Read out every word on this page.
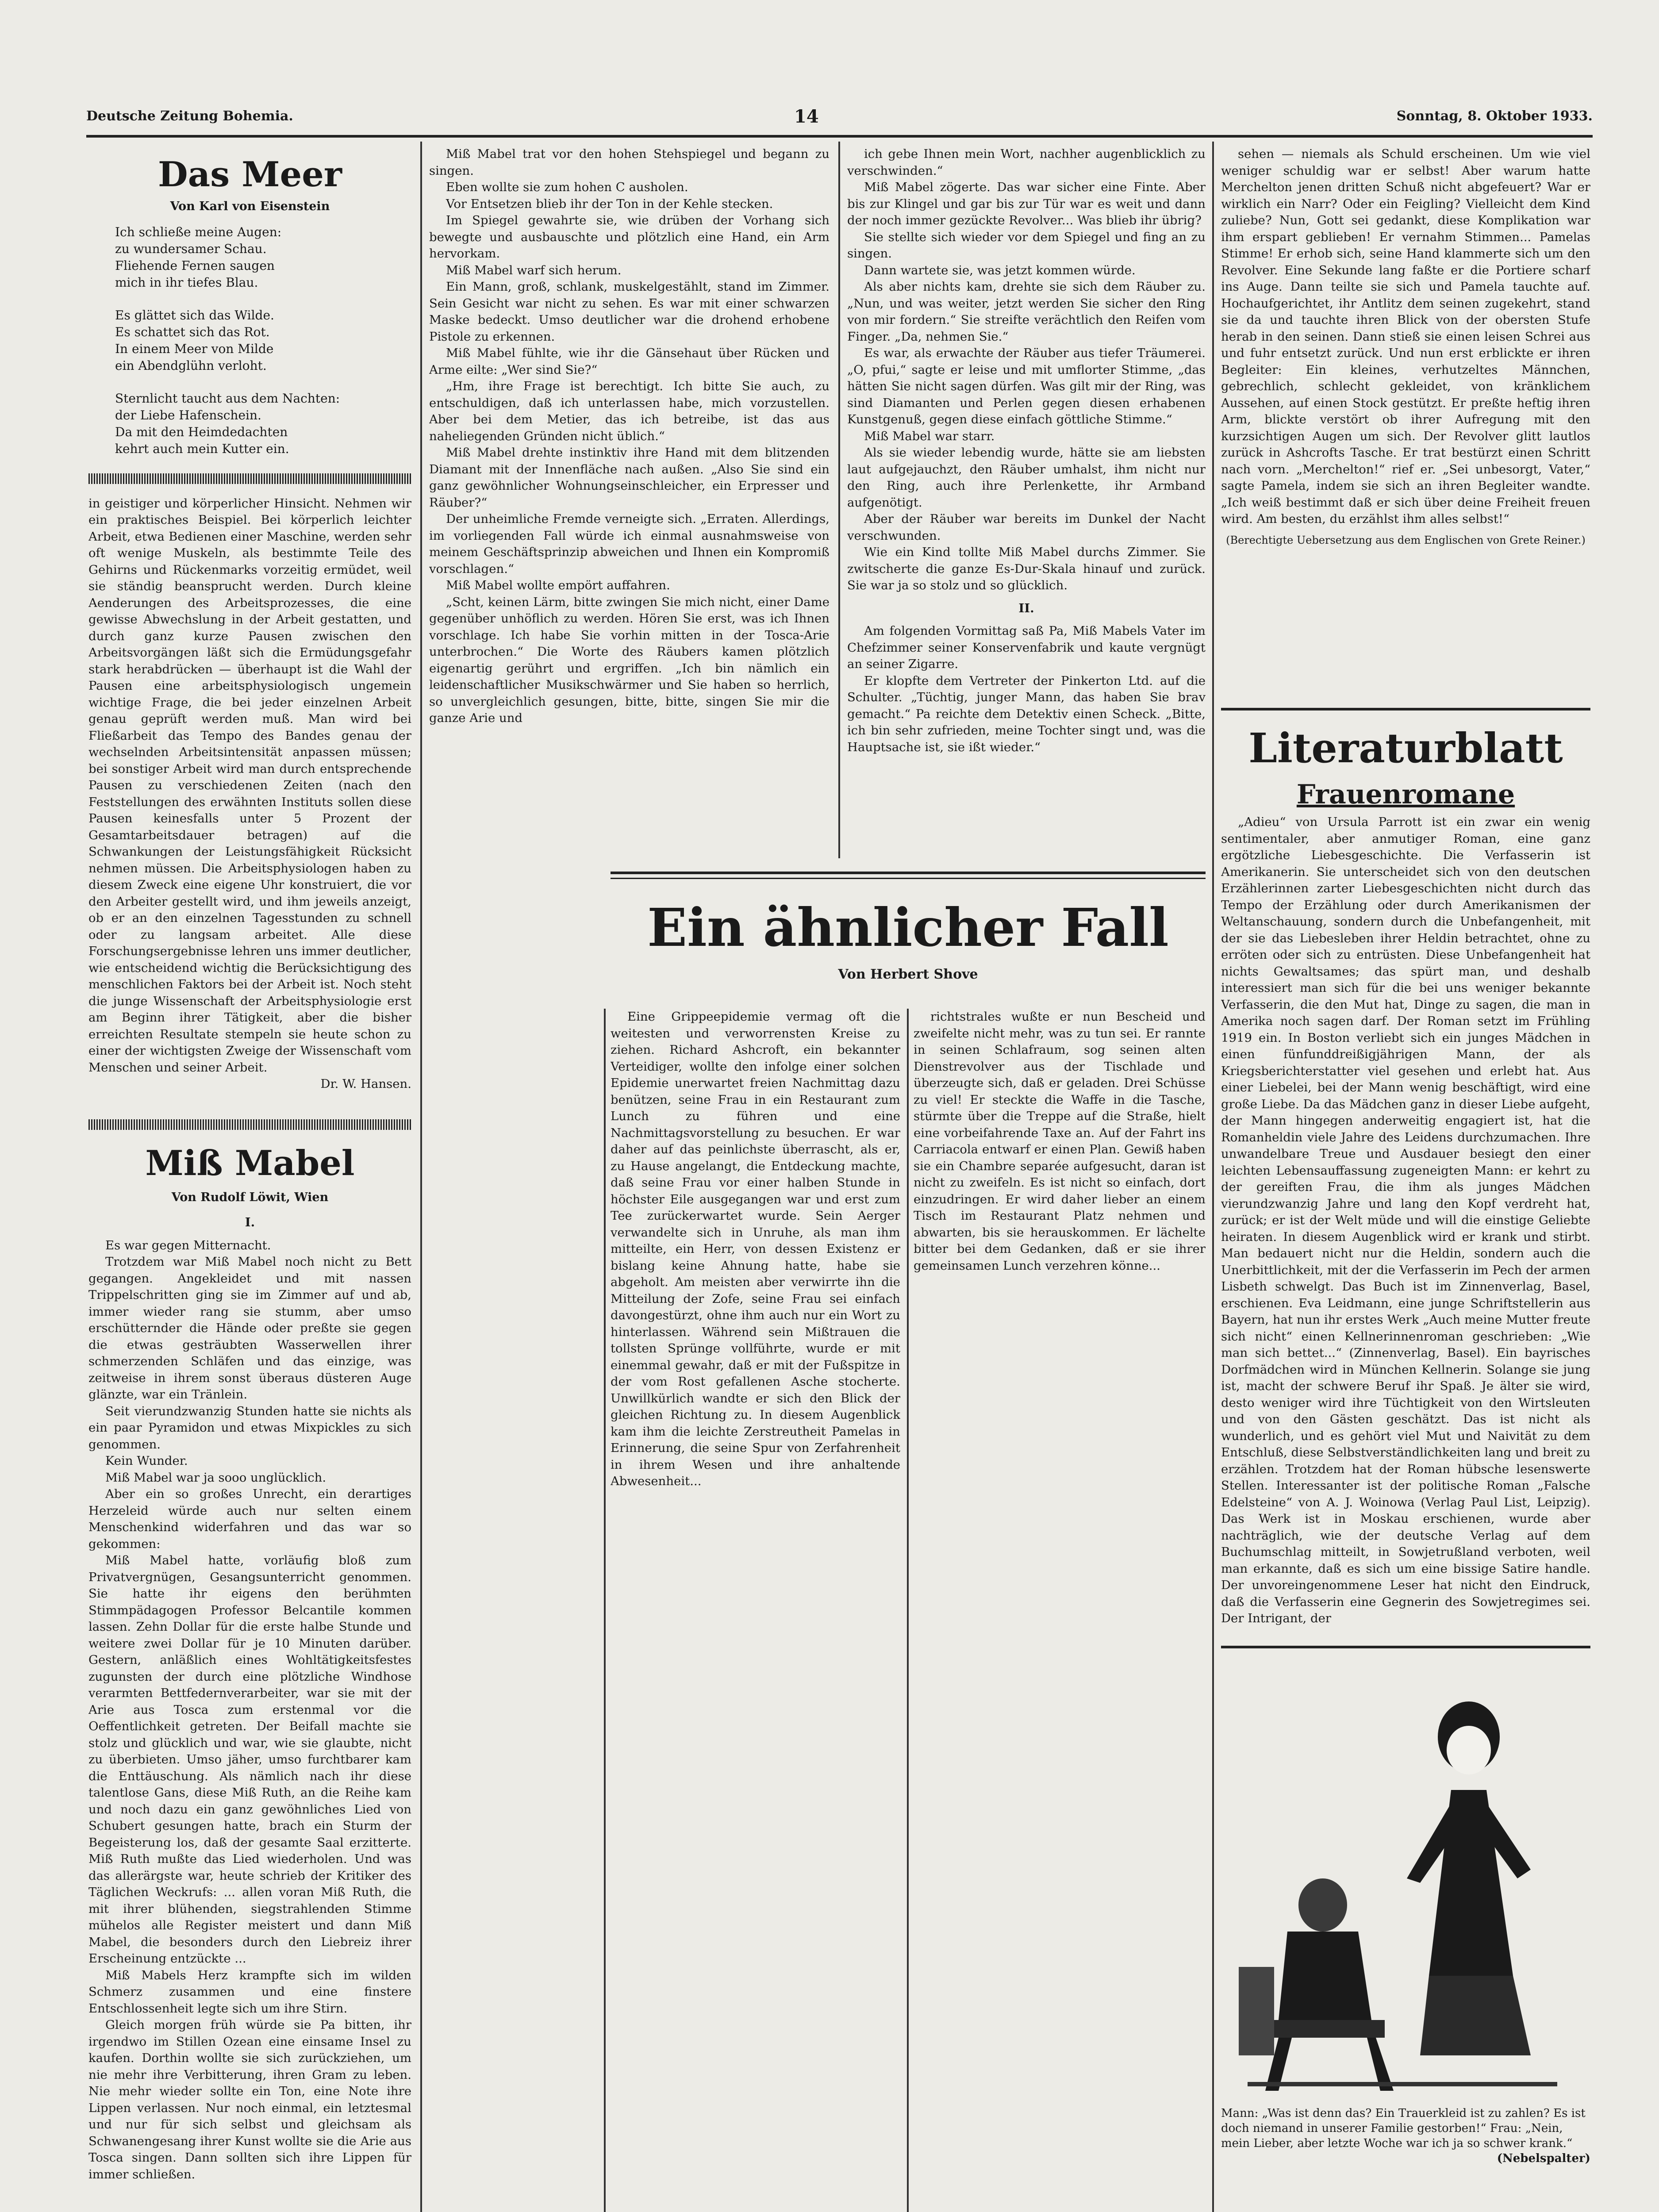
Deutsche Zeitung Bohemia.	14	Sonntag, 8. Oktober 1933.
Das Meer
Von Karl von Eisenstein
Ich schließe meine Augen:
zu wundersamer Schau.
Fliehende Fernen saugen
mich in ihr tiefes Blau.
Es glättet sich das Wilde.
Es schattet sich das Rot.
In einem Meer von Milde
ein Abendglühn verloht.
Sternlicht taucht aus dem Nachten:
der Liebe Hafenschein.
Da mit den Heimdedachten
kehrt auch mein Kutter ein.

in geistiger und körperlicher Hinsicht. Nehmen wir ein praktisches Beispiel. Bei körperlich leichter Arbeit, etwa Bedienen einer Maschine, werden sehr oft wenige Muskeln, als bestimmte Teile des Gehirns und Rückenmarks vorzeitig ermüdet, weil sie ständig beansprucht werden. Durch kleine Aenderungen des Arbeitsprozesses, die eine gewisse Abwechslung in der Arbeit gestatten, und durch ganz kurze Pausen zwischen den Arbeitsvorgängen läßt sich die Ermüdungsgefahr stark herabdrücken — überhaupt ist die Wahl der Pausen eine arbeitsphysiologisch ungemein wichtige Frage, die bei jeder einzelnen Arbeit genau geprüft werden muß. Man wird bei Fließarbeit das Tempo des Bandes genau der wechselnden Arbeitsintensität anpassen müssen; bei sonstiger Arbeit wird man durch entsprechende Pausen zu verschiedenen Zeiten (nach den Feststellungen des erwähnten Instituts sollen diese Pausen keinesfalls unter 5 Prozent der Gesamtarbeitsdauer betragen) auf die Schwankungen der Leistungsfähigkeit Rücksicht nehmen müssen. Die Arbeitsphysiologen haben zu diesem Zweck eine eigene Uhr konstruiert, die vor den Arbeiter gestellt wird, und ihm jeweils anzeigt, ob er an den einzelnen Tagesstunden zu schnell oder zu langsam arbeitet. Alle diese Forschungsergebnisse lehren uns immer deutlicher, wie entscheidend wichtig die Berücksichtigung des menschlichen Faktors bei der Arbeit ist. Noch steht die junge Wissenschaft der Arbeitsphysiologie erst am Beginn ihrer Tätigkeit, aber die bisher erreichten Resultate stempeln sie heute schon zu einer der wichtigsten Zweige der Wissenschaft vom Menschen und seiner Arbeit.

Dr. W. Hansen.

Miß Mabel
Von Rudolf Löwit, Wien
I.

Es war gegen Mitternacht.

Trotzdem war Miß Mabel noch nicht zu Bett gegangen. Angekleidet und mit nassen Trippelschritten ging sie im Zimmer auf und ab, immer wieder rang sie stumm, aber umso erschütternder die Hände oder preßte sie gegen die etwas gesträubten Wasserwellen ihrer schmerzenden Schläfen und das einzige, was zeitweise in ihrem sonst überaus düsteren Auge glänzte, war ein Tränlein.

Seit vierundzwanzig Stunden hatte sie nichts als ein paar Pyramidon und etwas Mixpickles zu sich genommen.

Kein Wunder.

Miß Mabel war ja sooo unglücklich.

Aber ein so großes Unrecht, ein derartiges Herzeleid würde auch nur selten einem Menschenkind widerfahren und das war so gekommen:

Miß Mabel hatte, vorläufig bloß zum Privatvergnügen, Gesangsunterricht genommen. Sie hatte ihr eigens den berühmten Stimmpädagogen Professor Belcantile kommen lassen. Zehn Dollar für die erste halbe Stunde und weitere zwei Dollar für je 10 Minuten darüber. Gestern, anläßlich eines Wohltätigkeitsfestes zugunsten der durch eine plötzliche Windhose verarmten Bettfedernverarbeiter, war sie mit der Arie aus Tosca zum erstenmal vor die Oeffentlichkeit getreten. Der Beifall machte sie stolz und glücklich und war, wie sie glaubte, nicht zu überbieten. Umso jäher, umso furchtbarer kam die Enttäuschung. Als nämlich nach ihr diese talentlose Gans, diese Miß Ruth, an die Reihe kam und noch dazu ein ganz gewöhnliches Lied von Schubert gesungen hatte, brach ein Sturm der Begeisterung los, daß der gesamte Saal erzitterte. Miß Ruth mußte das Lied wiederholen. Und was das allerärgste war, heute schrieb der Kritiker des Täglichen Weckrufs: ... allen voran Miß Ruth, die mit ihrer blühenden, siegstrahlenden Stimme mühelos alle Register meistert und dann Miß Mabel, die besonders durch den Liebreiz ihrer Erscheinung entzückte ...

Miß Mabels Herz krampfte sich im wilden Schmerz zusammen und eine finstere Entschlossenheit legte sich um ihre Stirn.

Gleich morgen früh würde sie Pa bitten, ihr irgendwo im Stillen Ozean eine einsame Insel zu kaufen. Dorthin wollte sie sich zurückziehen, um nie mehr ihre Verbitterung, ihren Gram zu leben. Nie mehr wieder sollte ein Ton, eine Note ihre Lippen verlassen. Nur noch einmal, ein letztesmal und nur für sich selbst und gleichsam als Schwanengesang ihrer Kunst wollte sie die Arie aus Tosca singen. Dann sollten sich ihre Lippen für immer schließen.

Miß Mabel trat vor den hohen Stehspiegel und begann zu singen.

Eben wollte sie zum hohen C ausholen.

Vor Entsetzen blieb ihr der Ton in der Kehle stecken.

Im Spiegel gewahrte sie, wie drüben der Vorhang sich bewegte und ausbauschte und plötzlich eine Hand, ein Arm hervorkam.

Miß Mabel warf sich herum.

Ein Mann, groß, schlank, muskelgestählt, stand im Zimmer. Sein Gesicht war nicht zu sehen. Es war mit einer schwarzen Maske bedeckt. Umso deutlicher war die drohend erhobene Pistole zu erkennen.

Miß Mabel fühlte, wie ihr die Gänsehaut über Rücken und Arme eilte: „Wer sind Sie?“

„Hm, ihre Frage ist berechtigt. Ich bitte Sie auch, zu entschuldigen, daß ich unterlassen habe, mich vorzustellen. Aber bei dem Metier, das ich betreibe, ist das aus naheliegenden Gründen nicht üblich.“

Miß Mabel drehte instinktiv ihre Hand mit dem blitzenden Diamant mit der Innenfläche nach außen. „Also Sie sind ein ganz gewöhnlicher Wohnungseinschleicher, ein Erpresser und Räuber?“

Der unheimliche Fremde verneigte sich. „Erraten. Allerdings, im vorliegenden Fall würde ich einmal ausnahmsweise von meinem Geschäftsprinzip abweichen und Ihnen ein Kompromiß vorschlagen.“

Miß Mabel wollte empört auffahren.

„Scht, keinen Lärm, bitte zwingen Sie mich nicht, einer Dame gegenüber unhöflich zu werden. Hören Sie erst, was ich Ihnen vorschlage. Ich habe Sie vorhin mitten in der Tosca-Arie unterbrochen.“ Die Worte des Räubers kamen plötzlich eigenartig gerührt und ergriffen. „Ich bin nämlich ein leidenschaftlicher Musikschwärmer und Sie haben so herrlich, so unvergleichlich gesungen, bitte, bitte, singen Sie mir die ganze Arie und

ich gebe Ihnen mein Wort, nachher augenblicklich zu verschwinden.“

Miß Mabel zögerte. Das war sicher eine Finte. Aber bis zur Klingel und gar bis zur Tür war es weit und dann der noch immer gezückte Revolver... Was blieb ihr übrig?

Sie stellte sich wieder vor dem Spiegel und fing an zu singen.

Dann wartete sie, was jetzt kommen würde.

Als aber nichts kam, drehte sie sich dem Räuber zu. „Nun, und was weiter, jetzt werden Sie sicher den Ring von mir fordern.“ Sie streifte verächtlich den Reifen vom Finger. „Da, nehmen Sie.“

Es war, als erwachte der Räuber aus tiefer Träumerei. „O, pfui,“ sagte er leise und mit umflorter Stimme, „das hätten Sie nicht sagen dürfen. Was gilt mir der Ring, was sind Diamanten und Perlen gegen diesen erhabenen Kunstgenuß, gegen diese einfach göttliche Stimme.“

Miß Mabel war starr.

Als sie wieder lebendig wurde, hätte sie am liebsten laut aufgejauchzt, den Räuber umhalst, ihm nicht nur den Ring, auch ihre Perlenkette, ihr Armband aufgenötigt.

Aber der Räuber war bereits im Dunkel der Nacht verschwunden.

Wie ein Kind tollte Miß Mabel durchs Zimmer. Sie zwitscherte die ganze Es-Dur-Skala hinauf und zurück. Sie war ja so stolz und so glücklich.

II.

Am folgenden Vormittag saß Pa, Miß Mabels Vater im Chefzimmer seiner Konservenfabrik und kaute vergnügt an seiner Zigarre.

Er klopfte dem Vertreter der Pinkerton Ltd. auf die Schulter. „Tüchtig, junger Mann, das haben Sie brav gemacht.“ Pa reichte dem Detektiv einen Scheck. „Bitte, ich bin sehr zufrieden, meine Tochter singt und, was die Hauptsache ist, sie ißt wieder.“

Ein ähnlicher Fall
Von Herbert Shove

Eine Grippeepidemie vermag oft die weitesten und verworrensten Kreise zu ziehen. Richard Ashcroft, ein bekannter Verteidiger, wollte den infolge einer solchen Epidemie unerwartet freien Nachmittag dazu benützen, seine Frau in ein Restaurant zum Lunch zu führen und eine Nachmittagsvorstellung zu besuchen. Er war daher auf das peinlichste überrascht, als er, zu Hause angelangt, die Entdeckung machte, daß seine Frau vor einer halben Stunde in höchster Eile ausgegangen war und erst zum Tee zurückerwartet wurde. Sein Aerger verwandelte sich in Unruhe, als man ihm mitteilte, ein Herr, von dessen Existenz er bislang keine Ahnung hatte, habe sie abgeholt. Am meisten aber verwirrte ihn die Mitteilung der Zofe, seine Frau sei einfach davongestürzt, ohne ihm auch nur ein Wort zu hinterlassen. Während sein Mißtrauen die tollsten Sprünge vollführte, wurde er mit einemmal gewahr, daß er mit der Fußspitze in der vom Rost gefallenen Asche stocherte. Unwillkürlich wandte er sich den Blick der gleichen Richtung zu. In diesem Augenblick kam ihm die leichte Zerstreutheit Pamelas in Erinnerung, die seine Spur von Zerfahrenheit in ihrem Wesen und ihre anhaltende Abwesenheit...

richtstrales wußte er nun Bescheid und zweifelte nicht mehr, was zu tun sei. Er rannte in seinen Schlafraum, sog seinen alten Dienstrevolver aus der Tischlade und überzeugte sich, daß er geladen. Drei Schüsse zu viel! Er steckte die Waffe in die Tasche, stürmte über die Treppe auf die Straße, hielt eine vorbeifahrende Taxe an. Auf der Fahrt ins Carriacola entwarf er einen Plan. Gewiß haben sie ein Chambre separée aufgesucht, daran ist nicht zu zweifeln. Es ist nicht so einfach, dort einzudringen. Er wird daher lieber an einem Tisch im Restaurant Platz nehmen und abwarten, bis sie herauskommen. Er lächelte bitter bei dem Gedanken, daß er sie ihrer gemeinsamen Lunch verzehren könne...

sehen — niemals als Schuld erscheinen. Um wie viel weniger schuldig war er selbst! Aber warum hatte Merchelton jenen dritten Schuß nicht abgefeuert? War er wirklich ein Narr? Oder ein Feigling? Vielleicht dem Kind zuliebe? Nun, Gott sei gedankt, diese Komplikation war ihm erspart geblieben! Er vernahm Stimmen... Pamelas Stimme! Er erhob sich, seine Hand klammerte sich um den Revolver. Eine Sekunde lang faßte er die Portiere scharf ins Auge. Dann teilte sie sich und Pamela tauchte auf. Hochaufgerichtet, ihr Antlitz dem seinen zugekehrt, stand sie da und tauchte ihren Blick von der obersten Stufe herab in den seinen. Dann stieß sie einen leisen Schrei aus und fuhr entsetzt zurück. Und nun erst erblickte er ihren Begleiter: Ein kleines, verhutzeltes Männchen, gebrechlich, schlecht gekleidet, von kränklichem Aussehen, auf einen Stock gestützt. Er preßte heftig ihren Arm, blickte verstört ob ihrer Aufregung mit den kurzsichtigen Augen um sich. Der Revolver glitt lautlos zurück in Ashcrofts Tasche. Er trat bestürzt einen Schritt nach vorn. „Merchelton!“ rief er. „Sei unbesorgt, Vater,“ sagte Pamela, indem sie sich an ihren Begleiter wandte. „Ich weiß bestimmt daß er sich über deine Freiheit freuen wird. Am besten, du erzählst ihm alles selbst!“

(Berechtigte Uebersetzung aus dem Englischen von Grete Reiner.)
Literaturblatt
Frauenromane

„Adieu“ von Ursula Parrott ist ein zwar ein wenig sentimentaler, aber anmutiger Roman, eine ganz ergötzliche Liebesgeschichte. Die Verfasserin ist Amerikanerin. Sie unterscheidet sich von den deutschen Erzählerinnen zarter Liebesgeschichten nicht durch das Tempo der Erzählung oder durch Amerikanismen der Weltanschauung, sondern durch die Unbefangenheit, mit der sie das Liebesleben ihrer Heldin betrachtet, ohne zu erröten oder sich zu entrüsten. Diese Unbefangenheit hat nichts Gewaltsames; das spürt man, und deshalb interessiert man sich für die bei uns weniger bekannte Verfasserin, die den Mut hat, Dinge zu sagen, die man in Amerika noch sagen darf. Der Roman setzt im Frühling 1919 ein. In Boston verliebt sich ein junges Mädchen in einen fünfunddreißigjährigen Mann, der als Kriegsberichterstatter viel gesehen und erlebt hat. Aus einer Liebelei, bei der Mann wenig beschäftigt, wird eine große Liebe. Da das Mädchen ganz in dieser Liebe aufgeht, der Mann hingegen anderweitig engagiert ist, hat die Romanheldin viele Jahre des Leidens durchzumachen. Ihre unwandelbare Treue und Ausdauer besiegt den einer leichten Lebensauffassung zugeneigten Mann: er kehrt zu der gereiften Frau, die ihm als junges Mädchen vierundzwanzig Jahre und lang den Kopf verdreht hat, zurück; er ist der Welt müde und will die einstige Geliebte heiraten. In diesem Augenblick wird er krank und stirbt. Man bedauert nicht nur die Heldin, sondern auch die Unerbittlichkeit, mit der die Verfasserin im Pech der armen Lisbeth schwelgt. Das Buch ist im Zinnenverlag, Basel, erschienen. Eva Leidmann, eine junge Schriftstellerin aus Bayern, hat nun ihr erstes Werk „Auch meine Mutter freute sich nicht“ einen Kellnerinnenroman geschrieben: „Wie man sich bettet...“ (Zinnenverlag, Basel). Ein bayrisches Dorfmädchen wird in München Kellnerin. Solange sie jung ist, macht der schwere Beruf ihr Spaß. Je älter sie wird, desto weniger wird ihre Tüchtigkeit von den Wirtsleuten und von den Gästen geschätzt. Das ist nicht als wunderlich, und es gehört viel Mut und Naivität zu dem Entschluß, diese Selbstverständlichkeiten lang und breit zu erzählen. Trotzdem hat der Roman hübsche lesenswerte Stellen. Interessanter ist der politische Roman „Falsche Edelsteine“ von A. J. Woinowa (Verlag Paul List, Leipzig). Das Werk ist in Moskau erschienen, wurde aber nachträglich, wie der deutsche Verlag auf dem Buchumschlag mitteilt, in Sowjetrußland verboten, weil man erkannte, daß es sich um eine bissige Satire handle. Der unvoreingenommene Leser hat nicht den Eindruck, daß die Verfasserin eine Gegnerin des Sowjetregimes sei. Der Intrigant, der

Mann: „Was ist denn das? Ein Trauerkleid ist zu zahlen? Es ist doch niemand in unserer Familie gestorben!“ Frau: „Nein, mein Lieber, aber letzte Woche war ich ja so schwer krank.“
(Nebelspalter)
